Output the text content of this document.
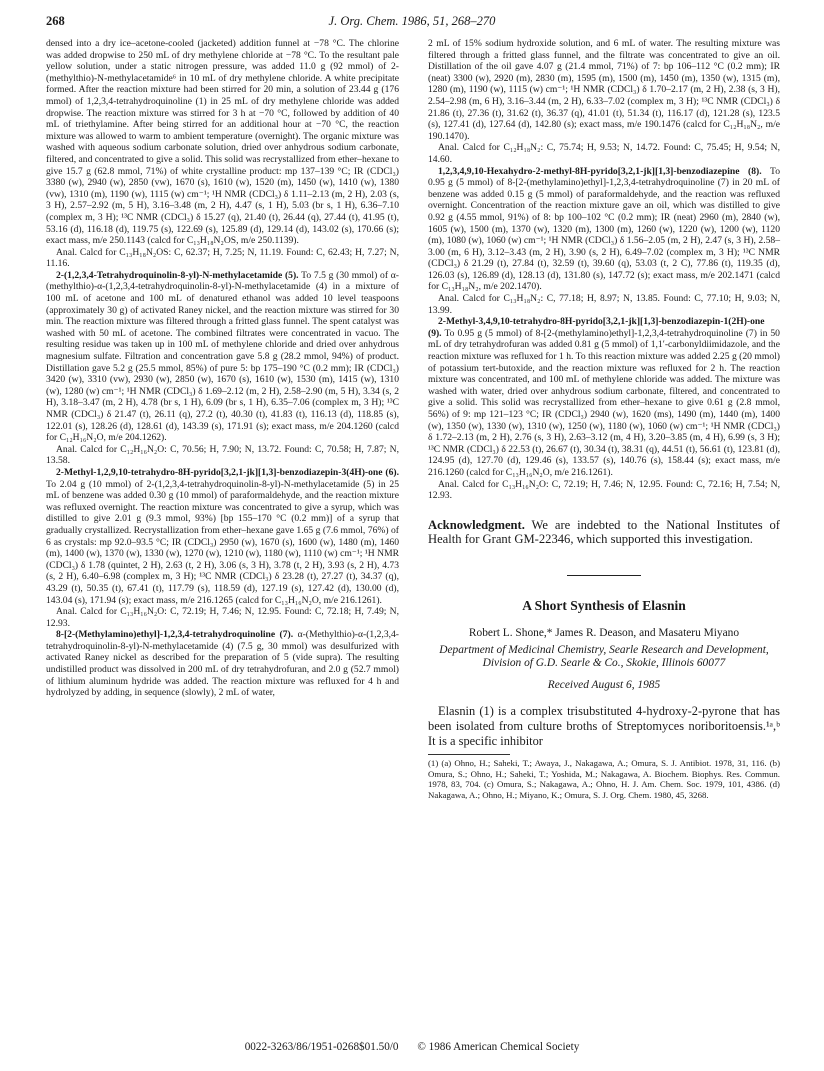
268	J. Org. Chem. 1986, 51, 268–270

densed into a dry ice–acetone-cooled (jacketed) addition funnel at −78 °C. The chlorine was added dropwise to 250 mL of dry methylene chloride at −78 °C. To the resultant pale yellow solution, under a static nitrogen pressure, was added 11.0 g (92 mmol) of 2-(methylthio)-N-methylacetamide⁶ in 10 mL of dry methylene chloride. A white precipitate formed. After the reaction mixture had been stirred for 20 min, a solution of 23.44 g (176 mmol) of 1,2,3,4-tetrahydroquinoline (1) in 25 mL of dry methylene chloride was added dropwise. The reaction mixture was stirred for 3 h at −70 °C, followed by addition of 40 mL of triethylamine. After being stirred for an additional hour at −70 °C, the reaction mixture was allowed to warm to ambient temperature (overnight). The organic mixture was washed with aqueous sodium carbonate solution, dried over anhydrous sodium carbonate, filtered, and concentrated to give a solid. This solid was recrystallized from ether–hexane to give 15.7 g (62.8 mmol, 71%) of white crystalline product: mp 137–139 °C; IR (CDCl₃) 3380 (w), 2940 (w), 2850 (vw), 1670 (s), 1610 (w), 1520 (m), 1450 (w), 1410 (w), 1380 (vw), 1310 (m), 1190 (w), 1115 (w) cm⁻¹; ¹H NMR (CDCl₃) δ 1.11–2.13 (m, 2 H), 2.03 (s, 3 H), 2.57–2.92 (m, 5 H), 3.16–3.48 (m, 2 H), 4.47 (s, 1 H), 5.03 (br s, 1 H), 6.36–7.10 (complex m, 3 H); ¹³C NMR (CDCl₃) δ 15.27 (q), 21.40 (t), 26.44 (q), 27.44 (t), 41.95 (t), 53.16 (d), 116.18 (d), 119.75 (s), 122.69 (s), 125.89 (d), 129.14 (d), 143.02 (s), 170.66 (s); exact mass, m/e 250.1143 (calcd for C₁₃H₁₈N₂OS, m/e 250.1139).

Anal. Calcd for C₁₃H₁₈N₂OS: C, 62.37; H, 7.25; N, 11.19. Found: C, 62.43; H, 7.27; N, 11.16.

2-(1,2,3,4-Tetrahydroquinolin-8-yl)-N-methylacetamide (5). To 7.5 g (30 mmol) of α-(methylthio)-α-(1,2,3,4-tetrahydroquinolin-8-yl)-N-methylacetamide (4) in a mixture of 100 mL of acetone and 100 mL of denatured ethanol was added 10 level teaspoons (approximately 30 g) of activated Raney nickel, and the reaction mixture was stirred for 30 min. The reaction mixture was filtered through a fritted glass funnel. The spent catalyst was washed with 50 mL of acetone. The combined filtrates were concentrated in vacuo. The resulting residue was taken up in 100 mL of methylene chloride and dried over anhydrous magnesium sulfate. Filtration and concentration gave 5.8 g (28.2 mmol, 94%) of product. Distillation gave 5.2 g (25.5 mmol, 85%) of pure 5: bp 175–190 °C (0.2 mm); IR (CDCl₃) 3420 (w), 3310 (vw), 2930 (w), 2850 (w), 1670 (s), 1610 (w), 1530 (m), 1415 (w), 1310 (w), 1280 (w) cm⁻¹; ¹H NMR (CDCl₃) δ 1.69–2.12 (m, 2 H), 2.58–2.90 (m, 5 H), 3.34 (s, 2 H), 3.18–3.47 (m, 2 H), 4.78 (br s, 1 H), 6.09 (br s, 1 H), 6.35–7.06 (complex m, 3 H); ¹³C NMR (CDCl₃) δ 21.47 (t), 26.11 (q), 27.2 (t), 40.30 (t), 41.83 (t), 116.13 (d), 118.85 (s), 122.01 (s), 128.26 (d), 128.61 (d), 143.39 (s), 171.91 (s); exact mass, m/e 204.1260 (calcd for C₁₂H₁₆N₂O, m/e 204.1262).

Anal. Calcd for C₁₂H₁₆N₂O: C, 70.56; H, 7.90; N, 13.72. Found: C, 70.58; H, 7.87; N, 13.58.

2-Methyl-1,2,9,10-tetrahydro-8H-pyrido[3,2,1-jk][1,3]-benzodiazepin-3(4H)-one (6). To 2.04 g (10 mmol) of 2-(1,2,3,4-tetrahydroquinolin-8-yl)-N-methylacetamide (5) in 25 mL of benzene was added 0.30 g (10 mmol) of paraformaldehyde, and the reaction mixture was refluxed overnight. The reaction mixture was concentrated to give a syrup, which was distilled to give 2.01 g (9.3 mmol, 93%) [bp 155–170 °C (0.2 mm)] of a syrup that gradually crystallized. Recrystallization from ether–hexane gave 1.65 g (7.6 mmol, 76%) of 6 as crystals: mp 92.0–93.5 °C; IR (CDCl₃) 2950 (w), 1670 (s), 1600 (w), 1480 (m), 1460 (m), 1400 (w), 1370 (w), 1330 (w), 1270 (w), 1210 (w), 1180 (w), 1110 (w) cm⁻¹; ¹H NMR (CDCl₃) δ 1.78 (quintet, 2 H), 2.63 (t, 2 H), 3.06 (s, 3 H), 3.78 (t, 2 H), 3.93 (s, 2 H), 4.73 (s, 2 H), 6.40–6.98 (complex m, 3 H); ¹³C NMR (CDCl₃) δ 23.28 (t), 27.27 (t), 34.37 (q), 43.29 (t), 50.35 (t), 67.41 (t), 117.79 (s), 118.59 (d), 127.19 (s), 127.42 (d), 130.00 (d), 143.04 (s), 171.94 (s); exact mass, m/e 216.1265 (calcd for C₁₃H₁₆N₂O, m/e 216.1261).

Anal. Calcd for C₁₃H₁₆N₂O: C, 72.19; H, 7.46; N, 12.95. Found: C, 72.18; H, 7.49; N, 12.93.

8-[2-(Methylamino)ethyl]-1,2,3,4-tetrahydroquinoline (7). α-(Methylthio)-α-(1,2,3,4-tetrahydroquinolin-8-yl)-N-methylacetamide (4) (7.5 g, 30 mmol) was desulfurized with activated Raney nickel as described for the preparation of 5 (vide supra). The resulting undistilled product was dissolved in 200 mL of dry tetrahydrofuran, and 2.0 g (52.7 mmol) of lithium aluminum hydride was added. The reaction mixture was refluxed for 4 h and hydrolyzed by adding, in sequence (slowly), 2 mL of water,

2 mL of 15% sodium hydroxide solution, and 6 mL of water. The resulting mixture was filtered through a fritted glass funnel, and the filtrate was concentrated to give an oil. Distillation of the oil gave 4.07 g (21.4 mmol, 71%) of 7: bp 106–112 °C (0.2 mm); IR (neat) 3300 (w), 2920 (m), 2830 (m), 1595 (m), 1500 (m), 1450 (m), 1350 (w), 1315 (m), 1280 (m), 1190 (w), 1115 (w) cm⁻¹; ¹H NMR (CDCl₃) δ 1.70–2.17 (m, 2 H), 2.38 (s, 3 H), 2.54–2.98 (m, 6 H), 3.16–3.44 (m, 2 H), 6.33–7.02 (complex m, 3 H); ¹³C NMR (CDCl₃) δ 21.86 (t), 27.36 (t), 31.62 (t), 36.37 (q), 41.01 (t), 51.34 (t), 116.17 (d), 121.28 (s), 123.5 (s), 127.41 (d), 127.64 (d), 142.80 (s); exact mass, m/e 190.1476 (calcd for C₁₂H₁₈N₂, m/e 190.1470).

Anal. Calcd for C₁₂H₁₈N₂: C, 75.74; H, 9.53; N, 14.72. Found: C, 75.45; H, 9.54; N, 14.60.

1,2,3,4,9,10-Hexahydro-2-methyl-8H-pyrido[3,2,1-jk][1,3]-benzodiazepine (8). To 0.95 g (5 mmol) of 8-[2-(methylamino)ethyl]-1,2,3,4-tetrahydroquinoline (7) in 20 mL of benzene was added 0.15 g (5 mmol) of paraformaldehyde, and the reaction was refluxed overnight. Concentration of the reaction mixture gave an oil, which was distilled to give 0.92 g (4.55 mmol, 91%) of 8: bp 100–102 °C (0.2 mm); IR (neat) 2960 (m), 2840 (w), 1605 (w), 1500 (m), 1370 (w), 1320 (m), 1300 (m), 1260 (w), 1220 (w), 1200 (w), 1120 (m), 1080 (w), 1060 (w) cm⁻¹; ¹H NMR (CDCl₃) δ 1.56–2.05 (m, 2 H), 2.47 (s, 3 H), 2.58–3.00 (m, 6 H), 3.12–3.43 (m, 2 H), 3.90 (s, 2 H), 6.49–7.02 (complex m, 3 H); ¹³C NMR (CDCl₃) δ 21.29 (t), 27.84 (t), 32.59 (t), 39.60 (q), 53.03 (t, 2 C), 77.86 (t), 119.35 (d), 126.03 (s), 126.89 (d), 128.13 (d), 131.80 (s), 147.72 (s); exact mass, m/e 202.1471 (calcd for C₁₃H₁₈N₂, m/e 202.1470).

Anal. Calcd for C₁₃H₁₈N₂: C, 77.18; H, 8.97; N, 13.85. Found: C, 77.10; H, 9.03; N, 13.99.

2-Methyl-3,4,9,10-tetrahydro-8H-pyrido[3,2,1-jk][1,3]-benzodiazepin-1(2H)-one (9). To 0.95 g (5 mmol) of 8-[2-(methylamino)ethyl]-1,2,3,4-tetrahydroquinoline (7) in 50 mL of dry tetrahydrofuran was added 0.81 g (5 mmol) of 1,1′-carbonyldiimidazole, and the reaction mixture was refluxed for 1 h. To this reaction mixture was added 2.25 g (20 mmol) of potassium tert-butoxide, and the reaction mixture was refluxed for 2 h. The reaction mixture was concentrated, and 100 mL of methylene chloride was added. The mixture was washed with water, dried over anhydrous sodium carbonate, filtered, and concentrated to give a solid. This solid was recrystallized from ether–hexane to give 0.61 g (2.8 mmol, 56%) of 9: mp 121–123 °C; IR (CDCl₃) 2940 (w), 1620 (ms), 1490 (m), 1440 (m), 1400 (w), 1350 (w), 1330 (w), 1310 (w), 1250 (w), 1180 (w), 1060 (w) cm⁻¹; ¹H NMR (CDCl₃) δ 1.72–2.13 (m, 2 H), 2.76 (s, 3 H), 2.63–3.12 (m, 4 H), 3.20–3.85 (m, 4 H), 6.99 (s, 3 H); ¹³C NMR (CDCl₃) δ 22.53 (t), 26.67 (t), 30.34 (t), 38.31 (q), 44.51 (t), 56.61 (t), 123.81 (d), 124.95 (d), 127.70 (d), 129.46 (s), 133.57 (s), 140.76 (s), 158.44 (s); exact mass, m/e 216.1260 (calcd for C₁₃H₁₆N₂O, m/e 216.1261).

Anal. Calcd for C₁₃H₁₆N₂O: C, 72.19; H, 7.46; N, 12.95. Found: C, 72.16; H, 7.54; N, 12.93.

Acknowledgment. We are indebted to the National Institutes of Health for Grant GM-22346, which supported this investigation.

A Short Synthesis of Elasnin
Robert L. Shone,* James R. Deason, and Masateru Miyano
Department of Medicinal Chemistry, Searle Research and Development, Division of G.D. Searle & Co., Skokie, Illinois 60077
Received August 6, 1985

Elasnin (1) is a complex trisubstituted 4-hydroxy-2-pyrone that has been isolated from culture broths of Streptomyces noriboritoensis.¹ᵃ,ᵇ It is a specific inhibitor

(1) (a) Ohno, H.; Saheki, T.; Awaya, J., Nakagawa, A.; Omura, S. J. Antibiot. 1978, 31, 116. (b) Omura, S.; Ohno, H.; Saheki, T.; Yoshida, M.; Nakagawa, A. Biochem. Biophys. Res. Commun. 1978, 83, 704. (c) Omura, S.; Nakagawa, A.; Ohno, H. J. Am. Chem. Soc. 1979, 101, 4386. (d) Nakagawa, A.; Ohno, H.; Miyano, K.; Omura, S. J. Org. Chem. 1980, 45, 3268.

0022-3263/86/1951-0268$01.50/0 © 1986 American Chemical Society
